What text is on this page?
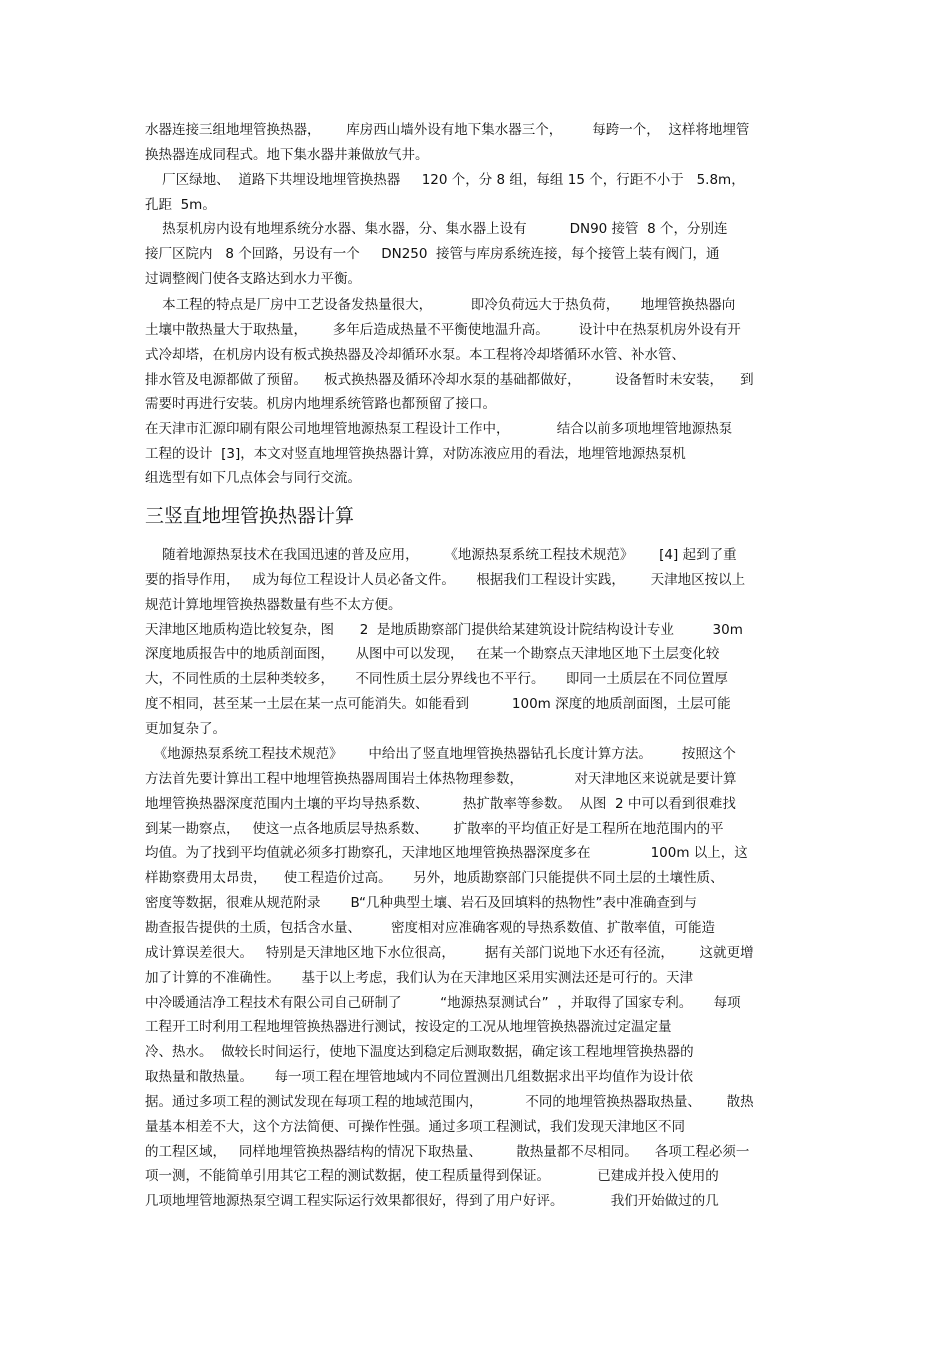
水器连接三组地埋管换热器，      库房西山墙外设有地下集水器三个，       每跨一个，  这样将地埋管
换热器连成同程式。地下集水器井兼做放气井。
厂区绿地、  道路下共埋设地埋管换热器     120 个，分 8 组，每组 15 个，行距不小于   5.8m，
孔距  5m。
热泵机房内设有地埋系统分水器、集水器，分、集水器上设有          DN90 接管  8 个，分别连
接厂区院内   8 个回路，另设有一个     DN250  接管与库房系统连接，每个接管上装有阀门，通
过调整阀门使各支路达到水力平衡。
本工程的特点是厂房中工艺设备发热量很大，         即冷负荷远大于热负荷，     地埋管换热器向
土壤中散热量大于取热量，      多年后造成热量不平衡使地温升高。       设计中在热泵机房外设有开
式冷却塔，在机房内设有板式换热器及冷却循环水泵。本工程将冷却塔循环水管、补水管、
排水管及电源都做了预留。    板式换热器及循环冷却水泵的基础都做好，        设备暂时未安装，    到
需要时再进行安装。机房内地埋系统管路也都预留了接口。
在天津市汇源印刷有限公司地埋管地源热泵工程设计工作中，           结合以前多项地埋管地源热泵
工程的设计  [3]，本文对竖直地埋管换热器计算，对防冻液应用的看法，地埋管地源热泵机
组选型有如下几点体会与同行交流。
三竖直地埋管换热器计算
随着地源热泵技术在我国迅速的普及应用，      《地源热泵系统工程技术规范》      [4] 起到了重
要的指导作用，   成为每位工程设计人员必备文件。     根据我们工程设计实践，      天津地区按以上
规范计算地埋管换热器数量有些不太方便。
天津地区地质构造比较复杂，图      2  是地质勘察部门提供给某建筑设计院结构设计专业         30m
深度地质报告中的地质剖面图，     从图中可以发现，   在某一个勘察点天津地区地下土层变化较
大，不同性质的土层种类较多，     不同性质土层分界线也不平行。     即同一土质层在不同位置厚
度不相同，甚至某一土层在某一点可能消失。如能看到          100m 深度的地质剖面图，土层可能
更加复杂了。
《地源热泵系统工程技术规范》      中给出了竖直地埋管换热器钻孔长度计算方法。       按照这个
方法首先要计算出工程中地埋管换热器周围岩土体热物理参数，            对天津地区来说就是要计算
地埋管换热器深度范围内土壤的平均导热系数、        热扩散率等参数。  从图  2 中可以看到很难找
到某一勘察点，   使这一点各地质层导热系数、      扩散率的平均值正好是工程所在地范围内的平
均值。为了找到平均值就必须多打勘察孔，天津地区地埋管换热器深度多在              100m 以上，这
样勘察费用太昂贵，    使工程造价过高。     另外，地质勘察部门只能提供不同土层的土壤性质、
密度等数据，很难从规范附录       B“几种典型土壤、岩石及回填料的热物性”表中准确查到与
勘查报告提供的土质，包括含水量、       密度相对应准确客观的导热系数值、扩散率值，可能造
成计算误差很大。   特别是天津地区地下水位很高，       据有关部门说地下水还有径流，      这就更增
加了计算的不准确性。     基于以上考虑，我们认为在天津地区采用实测法还是可行的。天津
中冷暖通洁净工程技术有限公司自己研制了         “地源热泵测试台”  ，并取得了国家专利。     每项
工程开工时利用工程地埋管换热器进行测试，按设定的工况从地埋管换热器流过定温定量
冷、热水。  做较长时间运行，使地下温度达到稳定后测取数据，确定该工程地埋管换热器的
取热量和散热量。     每一项工程在埋管地域内不同位置测出几组数据求出平均值作为设计依
据。通过多项工程的测试发现在每项工程的地域范围内，          不同的地埋管换热器取热量、      散热
量基本相差不大，这个方法简便、可操作性强。通过多项工程测试，我们发现天津地区不同
的工程区域，   同样地埋管换热器结构的情况下取热量、        散热量都不尽相同。    各项工程必须一
项一测，不能简单引用其它工程的测试数据，使工程质量得到保证。           已建成并投入使用的
几项地埋管地源热泵空调工程实际运行效果都很好，得到了用户好评。           我们开始做过的几
